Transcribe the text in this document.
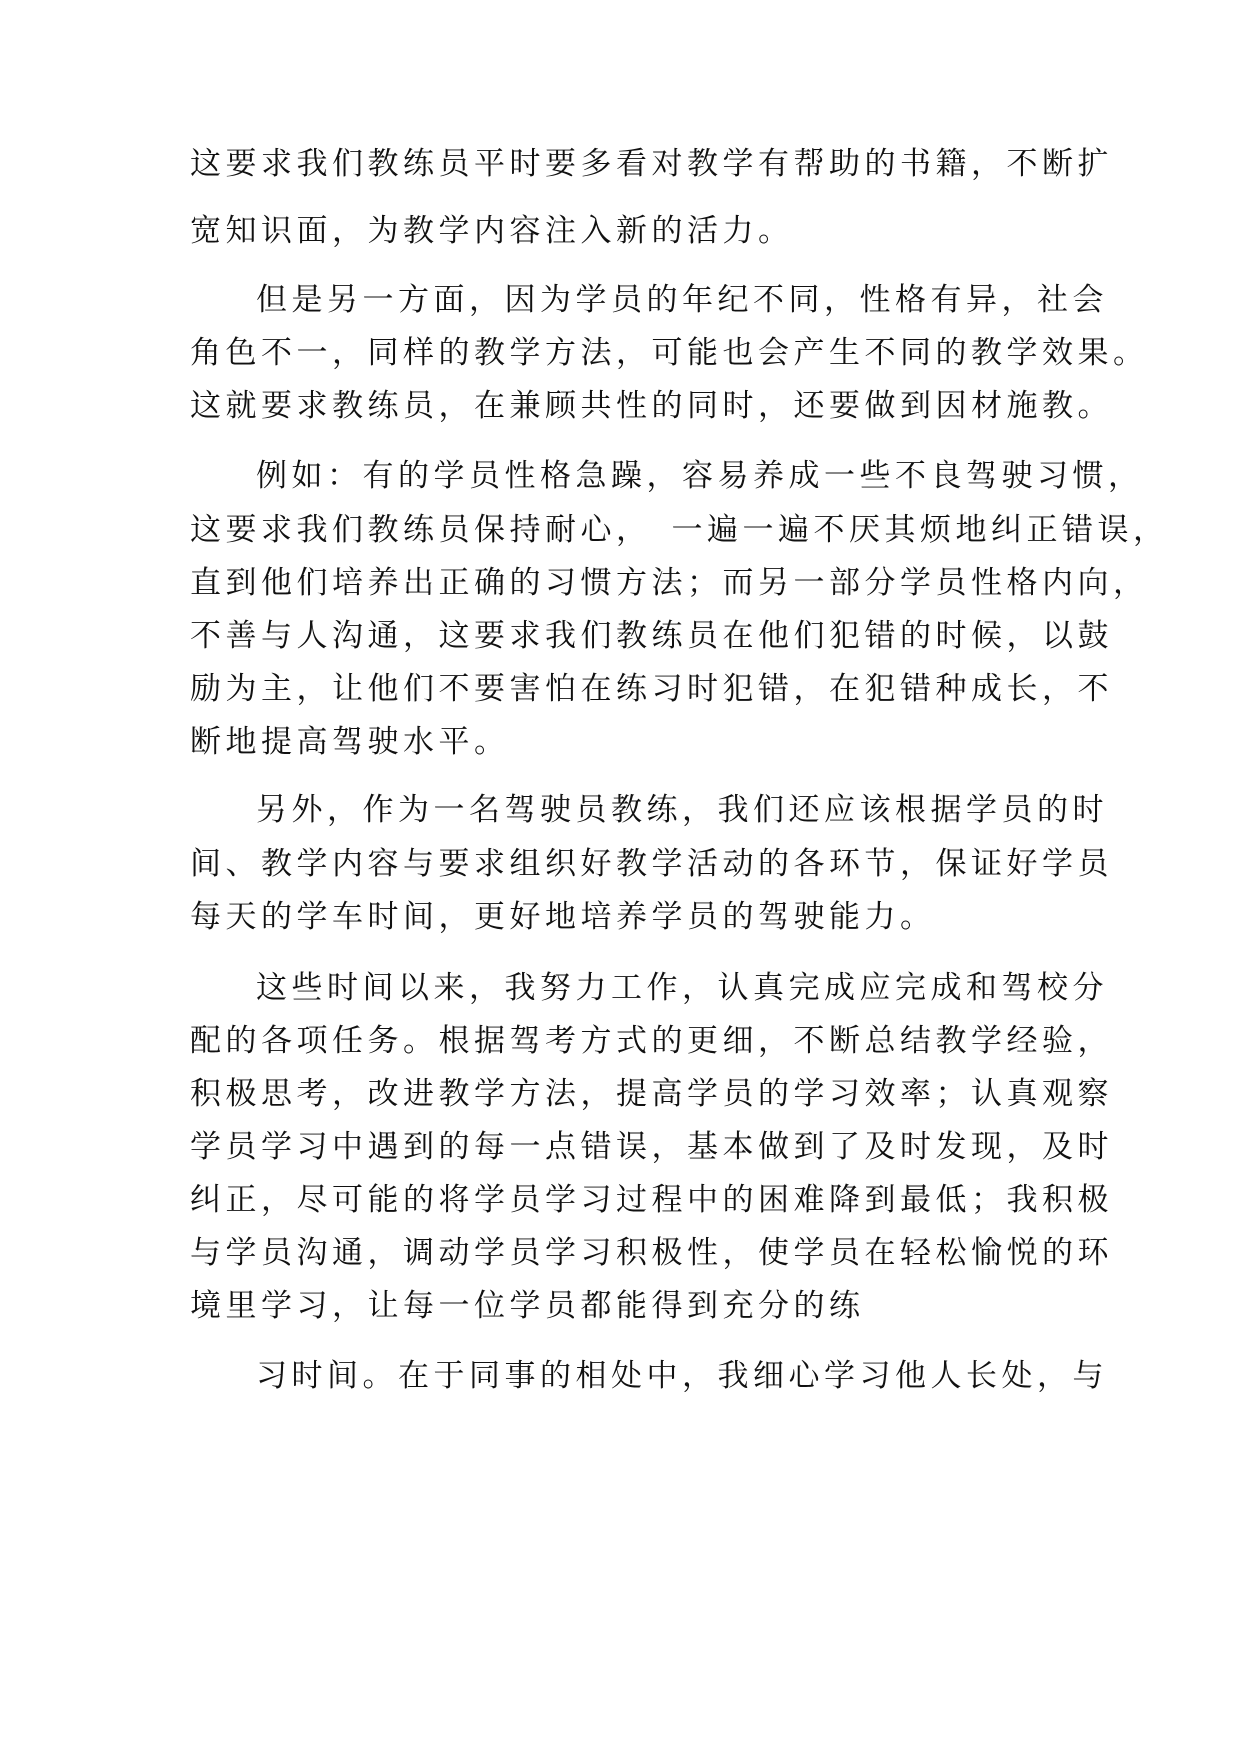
这要求我们教练员平时要多看对教学有帮助的书籍，不断扩
宽知识面，为教学内容注入新的活力。
但是另一方面，因为学员的年纪不同，性格有异，社会
角色不一，同样的教学方法，可能也会产生不同的教学效果。
这就要求教练员，在兼顾共性的同时，还要做到因材施教。
例如：有的学员性格急躁，容易养成一些不良驾驶习惯，
这要求我们教练员保持耐心，　一遍一遍不厌其烦地纠正错误，
直到他们培养出正确的习惯方法；而另一部分学员性格内向，
不善与人沟通，这要求我们教练员在他们犯错的时候，以鼓
励为主，让他们不要害怕在练习时犯错，在犯错种成长，不
断地提高驾驶水平。
另外，作为一名驾驶员教练，我们还应该根据学员的时
间、教学内容与要求组织好教学活动的各环节，保证好学员
每天的学车时间，更好地培养学员的驾驶能力。
这些时间以来，我努力工作，认真完成应完成和驾校分
配的各项任务。根据驾考方式的更细，不断总结教学经验，
积极思考，改进教学方法，提高学员的学习效率；认真观察
学员学习中遇到的每一点错误，基本做到了及时发现，及时
纠正，尽可能的将学员学习过程中的困难降到最低；我积极
与学员沟通，调动学员学习积极性，使学员在轻松愉悦的环
境里学习，让每一位学员都能得到充分的练
习时间。在于同事的相处中，我细心学习他人长处，与
